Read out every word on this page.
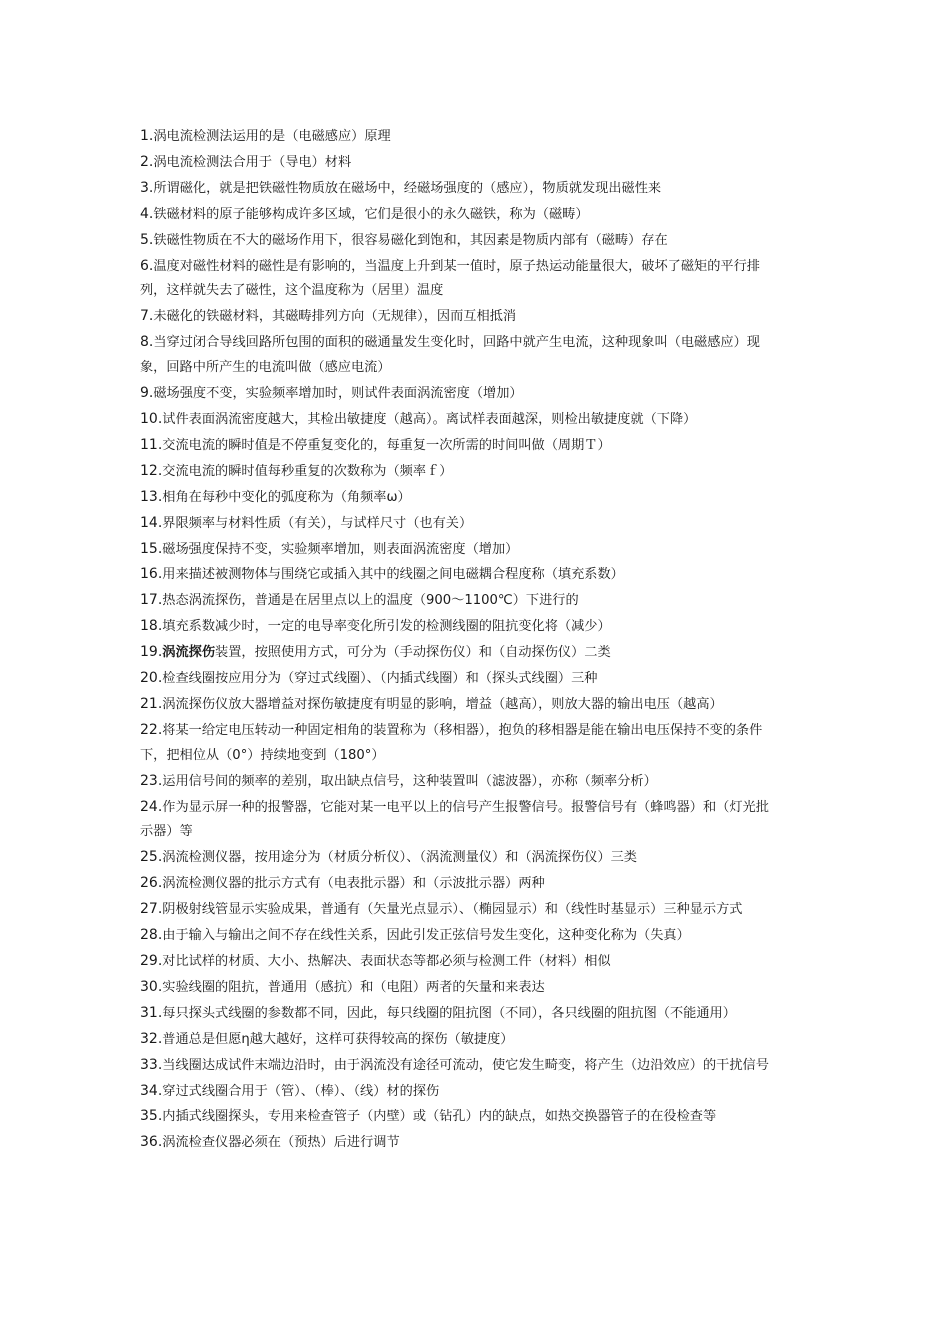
1.涡电流检测法运用的是（电磁感应）原理

2.涡电流检测法合用于（导电）材料

3.所谓磁化，就是把铁磁性物质放在磁场中，经磁场强度的（感应），物质就发现出磁性来

4.铁磁材料的原子能够构成许多区域，它们是很小的永久磁铁，称为（磁畴）

5.铁磁性物质在不大的磁场作用下，很容易磁化到饱和，其因素是物质内部有（磁畴）存在

6.温度对磁性材料的磁性是有影响的，当温度上升到某一值时，原子热运动能量很大，破坏了磁矩的平行排列，这样就失去了磁性，这个温度称为（居里）温度

7.未磁化的铁磁材料，其磁畴排列方向（无规律），因而互相抵消

8.当穿过闭合导线回路所包围的面积的磁通量发生变化时，回路中就产生电流，这种现象叫（电磁感应）现象，回路中所产生的电流叫做（感应电流）

9.磁场强度不变，实验频率增加时，则试件表面涡流密度（增加）

10.试件表面涡流密度越大，其检出敏捷度（越高）。离试样表面越深，则检出敏捷度就（下降）

11.交流电流的瞬时值是不停重复变化的，每重复一次所需的时间叫做（周期Ｔ）

12.交流电流的瞬时值每秒重复的次数称为（频率ｆ）

13.相角在每秒中变化的弧度称为（角频率ω）

14.界限频率与材料性质（有关），与试样尺寸（也有关）

15.磁场强度保持不变，实验频率增加，则表面涡流密度（增加）

16.用来描述被测物体与围绕它或插入其中的线圈之间电磁耦合程度称（填充系数）

17.热态涡流探伤，普通是在居里点以上的温度（900～1100℃）下进行的

18.填充系数减少时，一定的电导率变化所引发的检测线圈的阻抗变化将（减少）

19.涡流探伤装置，按照使用方式，可分为（手动探伤仪）和（自动探伤仪）二类

20.检查线圈按应用分为（穿过式线圈）、（内插式线圈）和（探头式线圈）三种

21.涡流探伤仪放大器增益对探伤敏捷度有明显的影响，增益（越高），则放大器的输出电压（越高）

22.将某一给定电压转动一种固定相角的装置称为（移相器），抱负的移相器是能在输出电压保持不变的条件下，把相位从（0°）持续地变到（180°）

23.运用信号间的频率的差别，取出缺点信号，这种装置叫（滤波器），亦称（频率分析）

24.作为显示屏一种的报警器，它能对某一电平以上的信号产生报警信号。报警信号有（蜂鸣器）和（灯光批示器）等

25.涡流检测仪器，按用途分为（材质分析仪）、（涡流测量仪）和（涡流探伤仪）三类

26.涡流检测仪器的批示方式有（电表批示器）和（示波批示器）两种

27.阴极射线管显示实验成果，普通有（矢量光点显示）、（椭园显示）和（线性时基显示）三种显示方式

28.由于输入与输出之间不存在线性关系，因此引发正弦信号发生变化，这种变化称为（失真）

29.对比试样的材质、大小、热解决、表面状态等都必须与检测工件（材料）相似

30.实验线圈的阻抗，普通用（感抗）和（电阻）两者的矢量和来表达

31.每只探头式线圈的参数都不同，因此，每只线圈的阻抗图（不同），各只线圈的阻抗图（不能通用）

32.普通总是但愿η越大越好，这样可获得较高的探伤（敏捷度）

33.当线圈达成试件末端边沿时，由于涡流没有途径可流动，使它发生畸变，将产生（边沿效应）的干扰信号

34.穿过式线圈合用于（管）、（棒）、（线）材的探伤

35.内插式线圈探头，专用来检查管子（内壁）或（钻孔）内的缺点，如热交换器管子的在役检查等

36.涡流检查仪器必须在（预热）后进行调节
